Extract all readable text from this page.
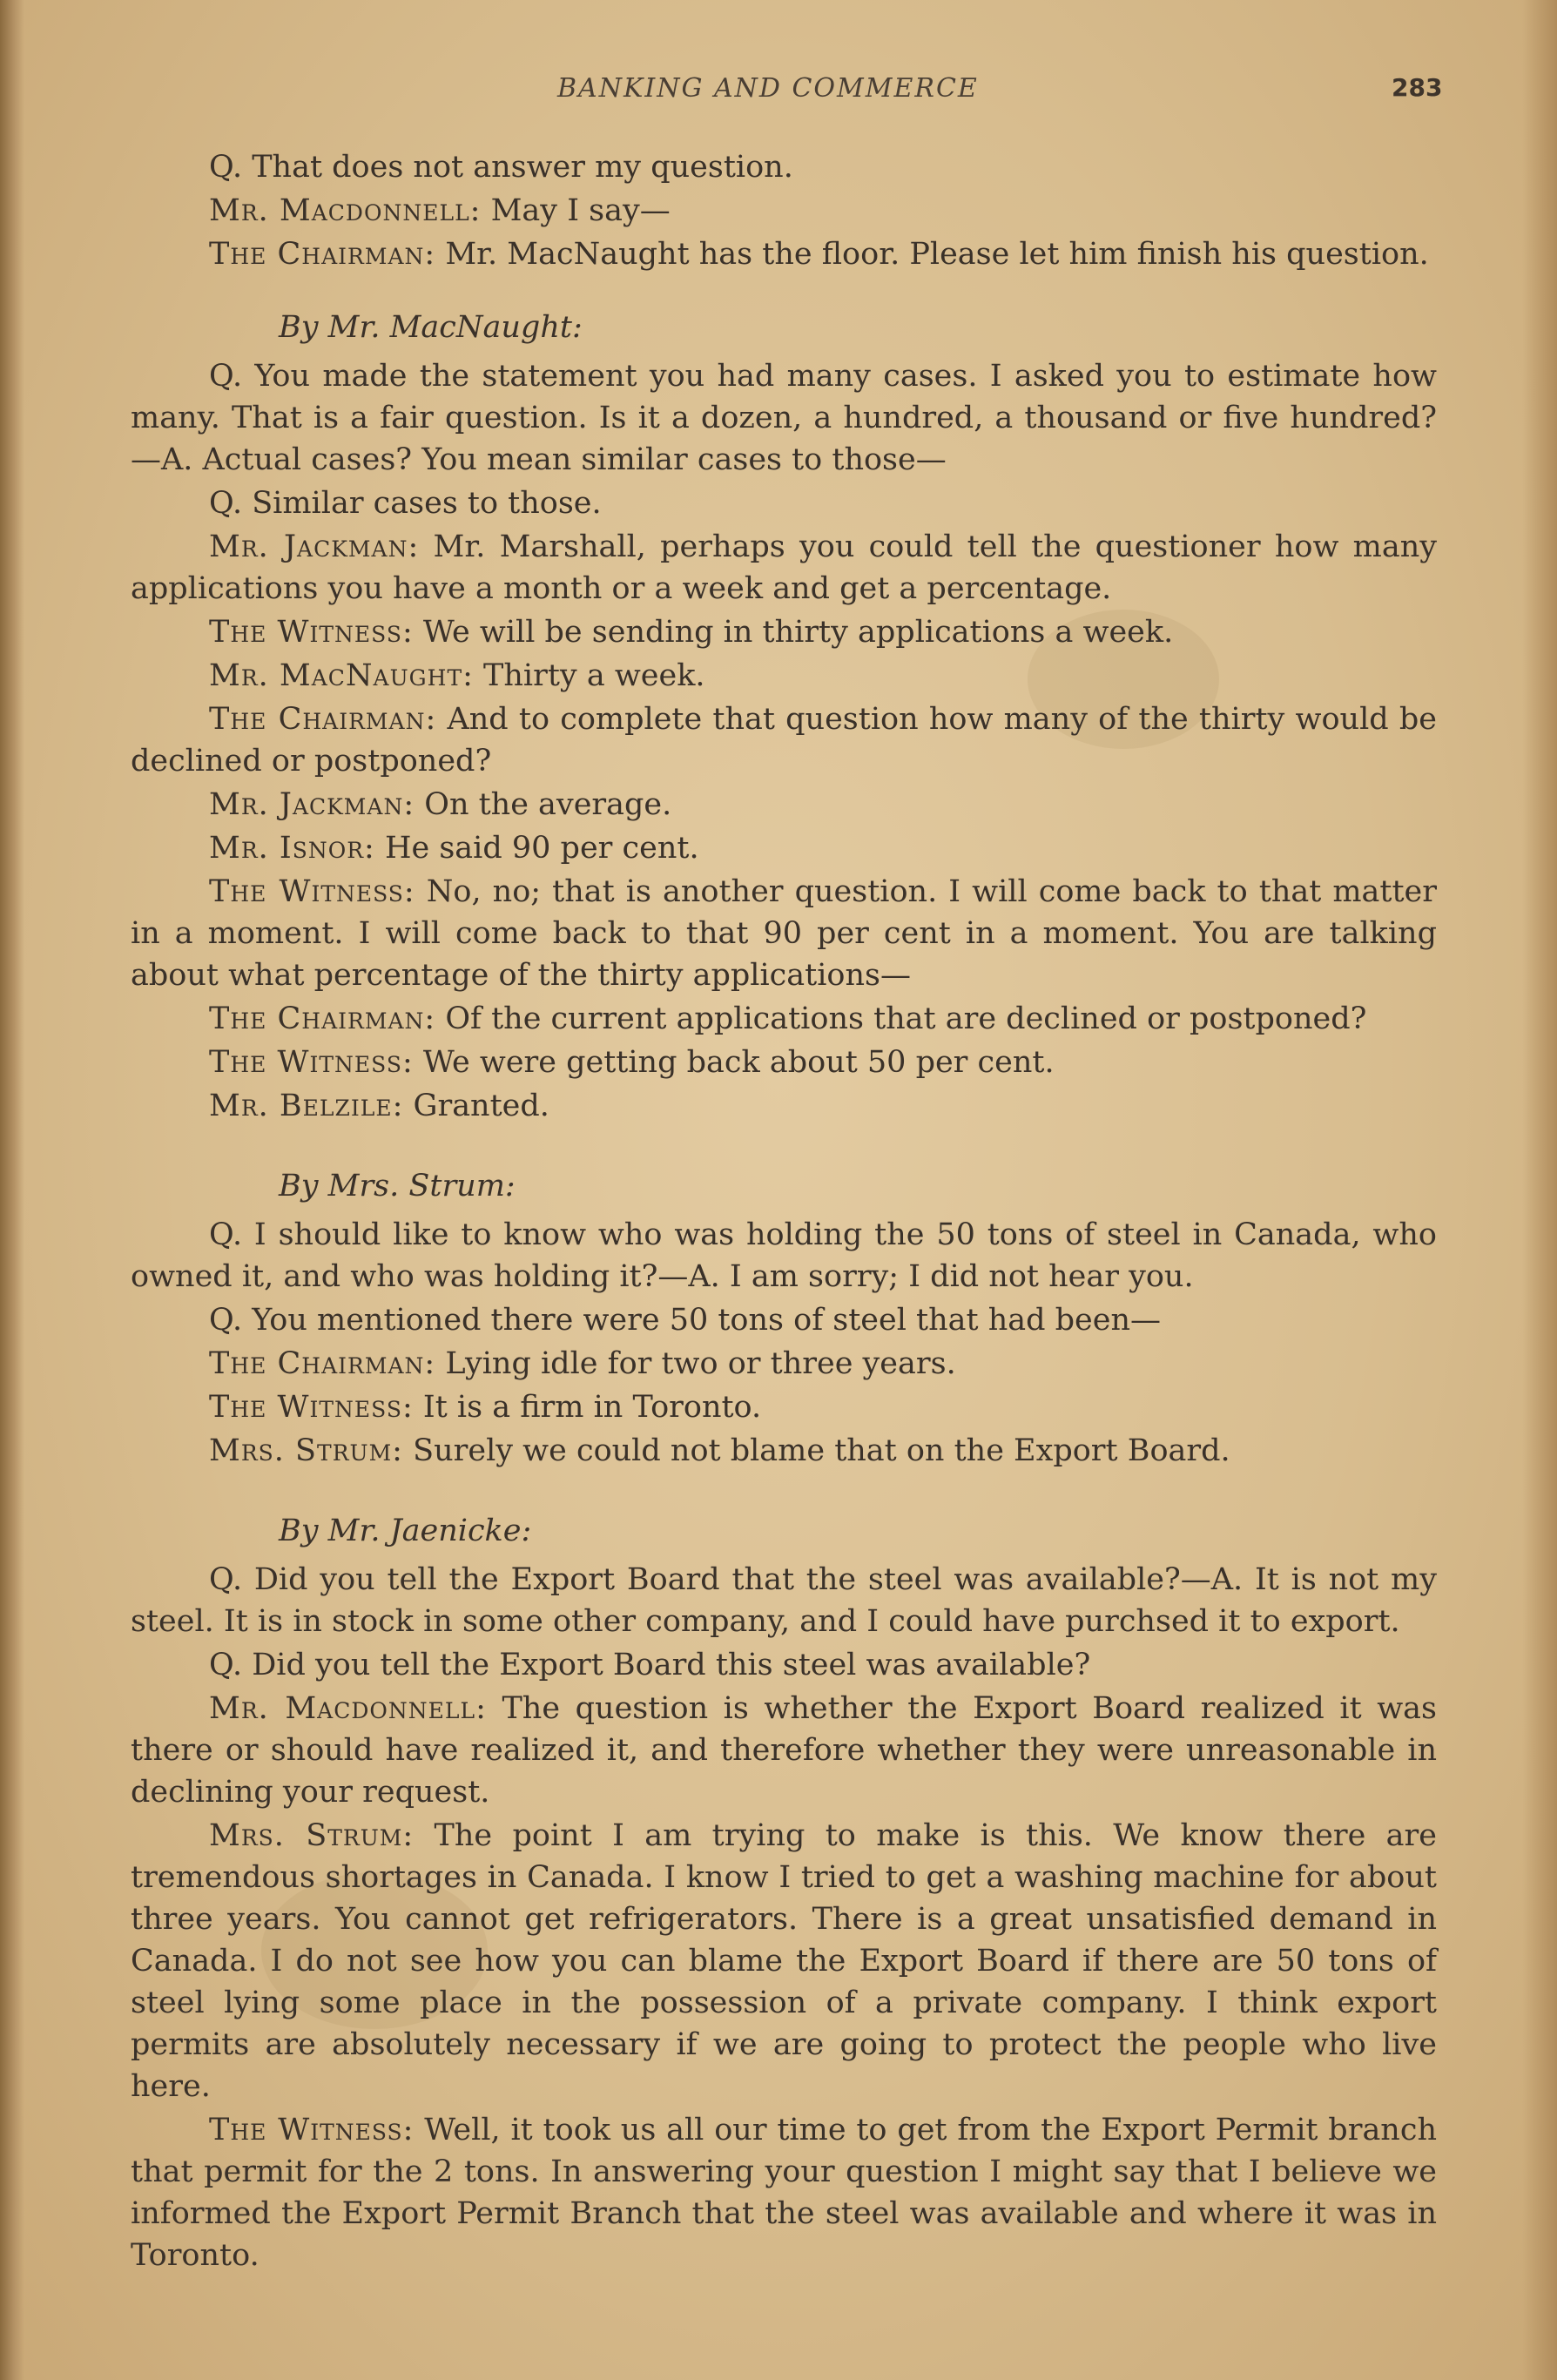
BANKING AND COMMERCE	283

Q. That does not answer my question.

Mr. Macdonnell: May I say—

The Chairman: Mr. MacNaught has the floor. Please let him finish his question.

By Mr. MacNaught:

Q. You made the statement you had many cases. I asked you to estimate how many. That is a fair question. Is it a dozen, a hundred, a thousand or five hundred?—A. Actual cases? You mean similar cases to those—

Q. Similar cases to those.

Mr. Jackman: Mr. Marshall, perhaps you could tell the questioner how many applications you have a month or a week and get a percentage.

The Witness: We will be sending in thirty applications a week.

Mr. MacNaught: Thirty a week.

The Chairman: And to complete that question how many of the thirty would be declined or postponed?

Mr. Jackman: On the average.

Mr. Isnor: He said 90 per cent.

The Witness: No, no; that is another question. I will come back to that matter in a moment. I will come back to that 90 per cent in a moment. You are talking about what percentage of the thirty applications—

The Chairman: Of the current applications that are declined or postponed?

The Witness: We were getting back about 50 per cent.

Mr. Belzile: Granted.

By Mrs. Strum:

Q. I should like to know who was holding the 50 tons of steel in Canada, who owned it, and who was holding it?—A. I am sorry; I did not hear you.

Q. You mentioned there were 50 tons of steel that had been—

The Chairman: Lying idle for two or three years.

The Witness: It is a firm in Toronto.

Mrs. Strum: Surely we could not blame that on the Export Board.

By Mr. Jaenicke:

Q. Did you tell the Export Board that the steel was available?—A. It is not my steel. It is in stock in some other company, and I could have purchsed it to export.

Q. Did you tell the Export Board this steel was available?

Mr. Macdonnell: The question is whether the Export Board realized it was there or should have realized it, and therefore whether they were unreasonable in declining your request.

Mrs. Strum: The point I am trying to make is this. We know there are tremendous shortages in Canada. I know I tried to get a washing machine for about three years. You cannot get refrigerators. There is a great unsatisfied demand in Canada. I do not see how you can blame the Export Board if there are 50 tons of steel lying some place in the possession of a private company. I think export permits are absolutely necessary if we are going to protect the people who live here.

The Witness: Well, it took us all our time to get from the Export Permit branch that permit for the 2 tons. In answering your question I might say that I believe we informed the Export Permit Branch that the steel was available and where it was in Toronto.
